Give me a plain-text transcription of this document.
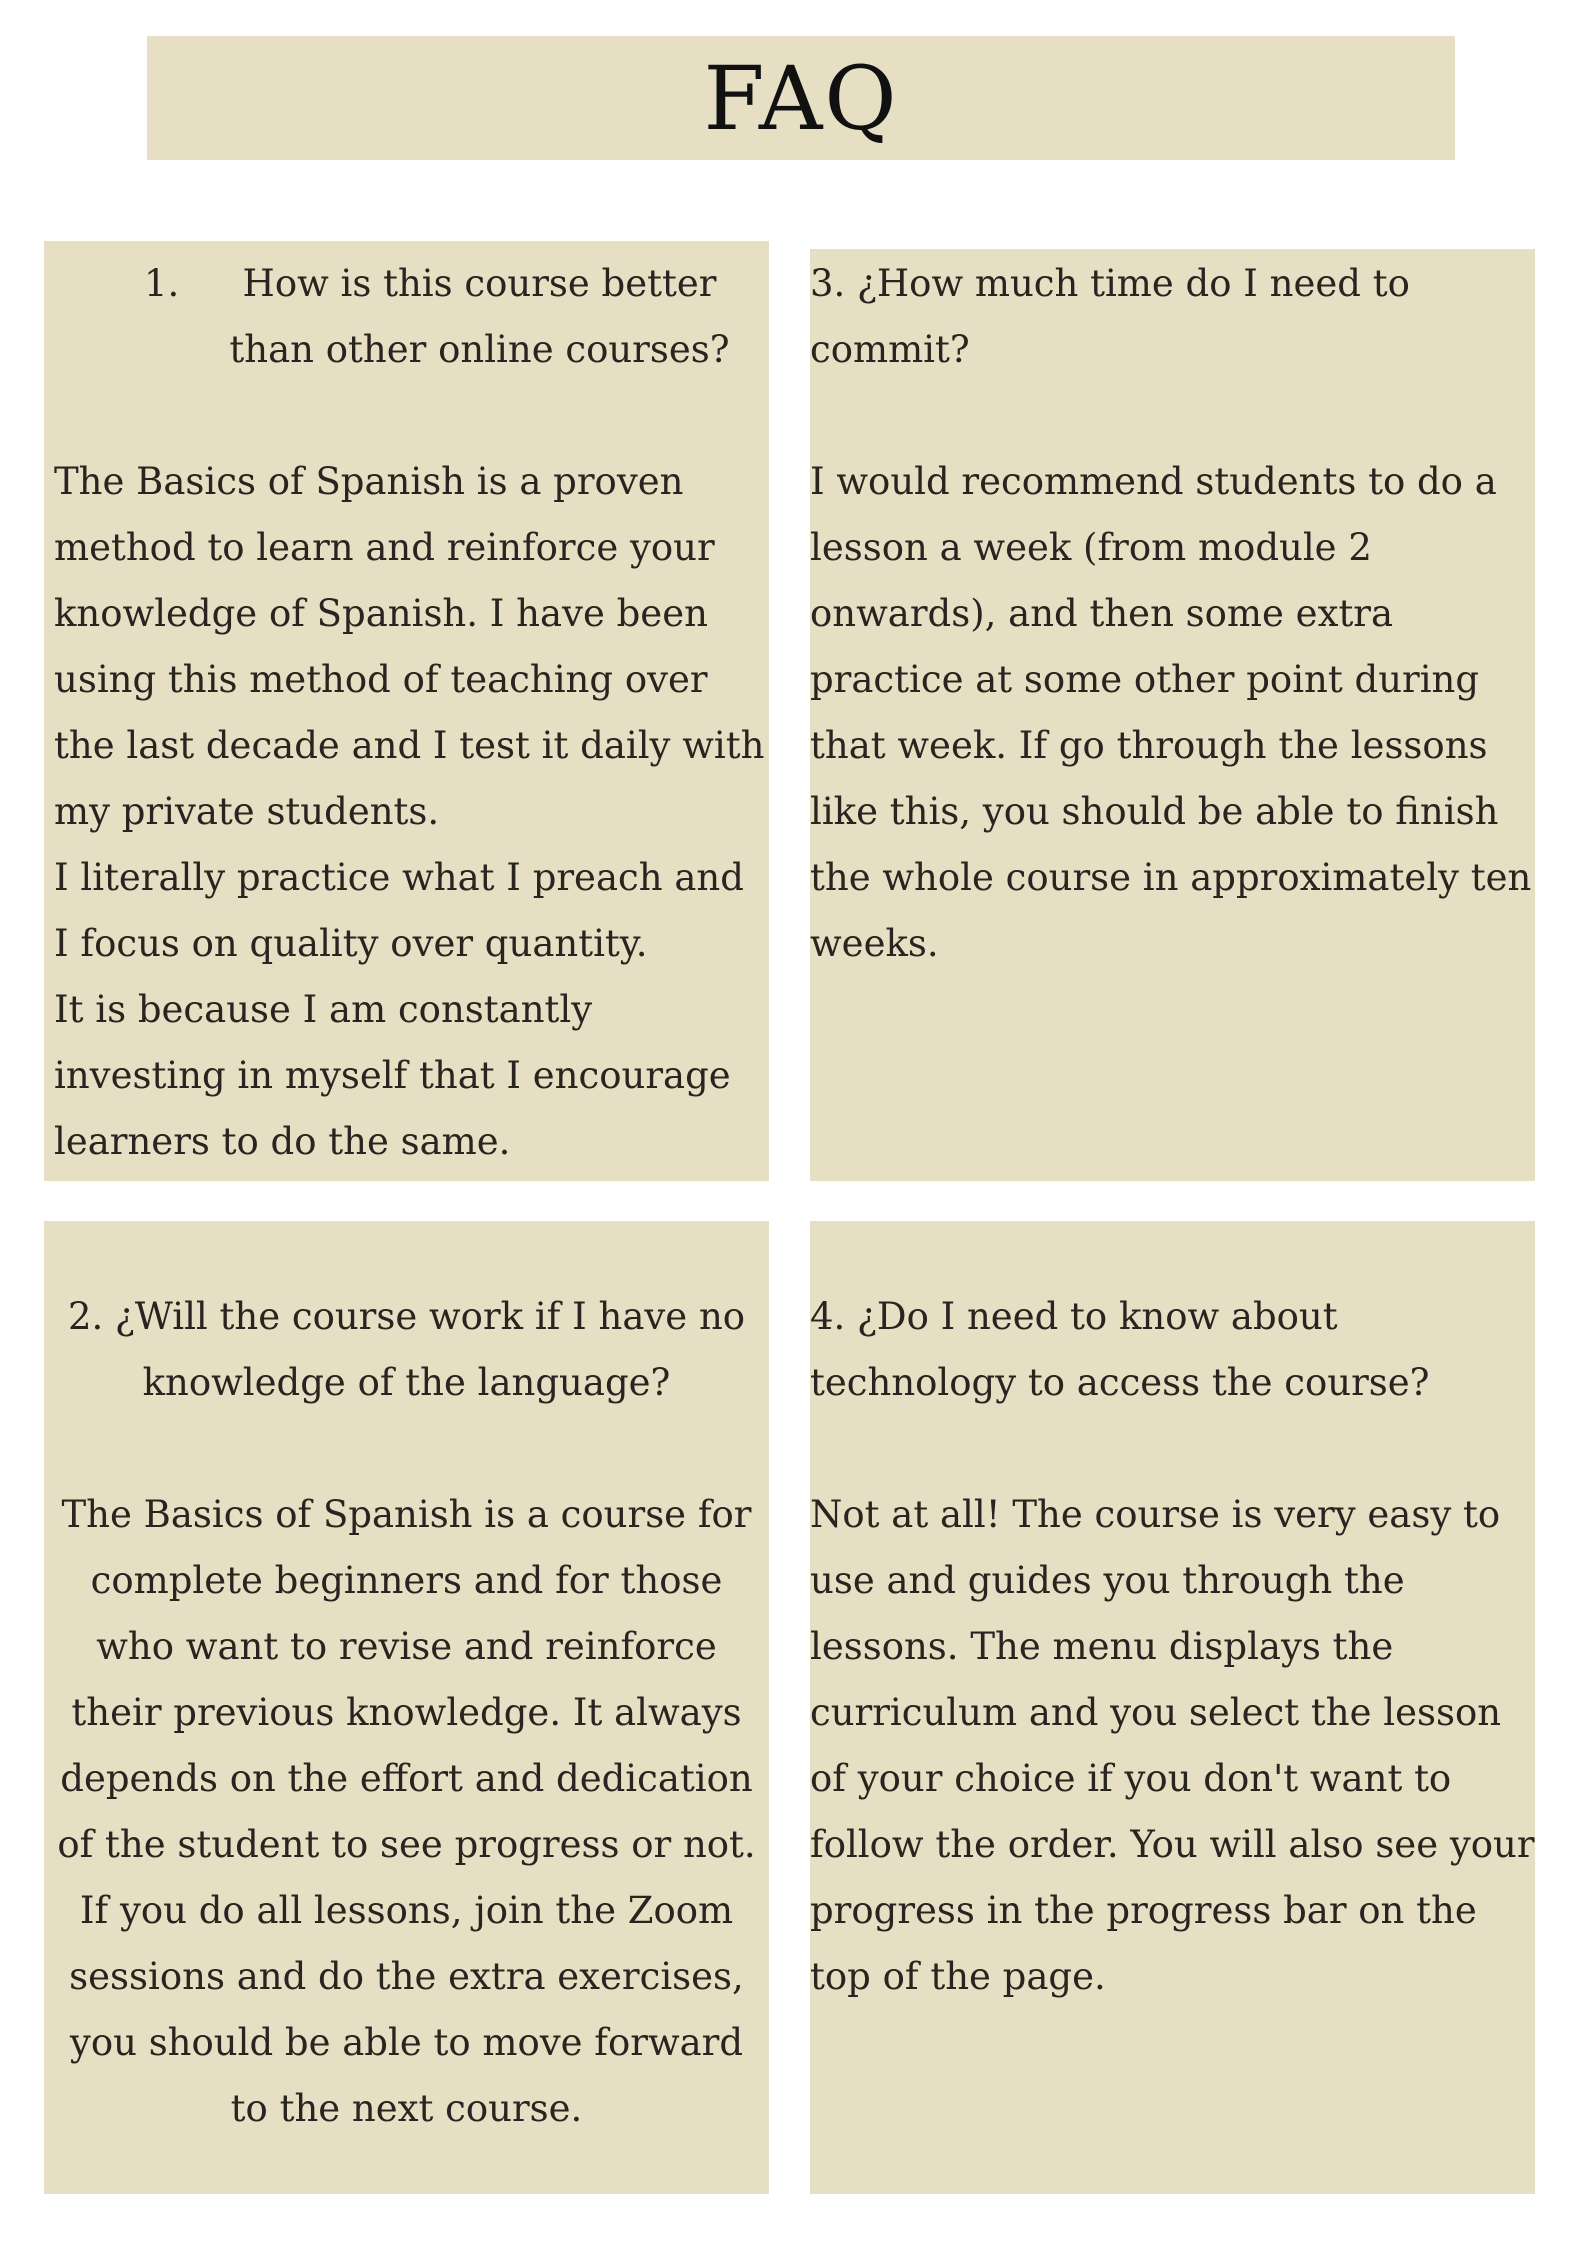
FAQ
1.	How is this course better than other online courses?

The Basics of Spanish is a proven method to learn and reinforce your knowledge of Spanish. I have been using this method of teaching over the last decade and I test it daily with my private students.

I literally practice what I preach and I focus on quality over quantity.

It is because I am constantly investing in myself that I encourage learners to do the same.

3. ¿How much time do I need to commit?

I would recommend students to do a lesson a week (from module 2 onwards), and then some extra practice at some other point during that week. If go through the lessons like this, you should be able to finish the whole course in approximately ten weeks.

2. ¿Will the course work if I have no knowledge of the language?

The Basics of Spanish is a course for complete beginners and for those who want to revise and reinforce their previous knowledge. It always depends on the effort and dedication of the student to see progress or not. If you do all lessons, join the Zoom sessions and do the extra exercises, you should be able to move forward to the next course.

4. ¿Do I need to know about technology to access the course?

Not at all! The course is very easy to use and guides you through the lessons. The menu displays the curriculum and you select the lesson of your choice if you don't want to follow the order. You will also see your progress in the progress bar on the top of the page.
